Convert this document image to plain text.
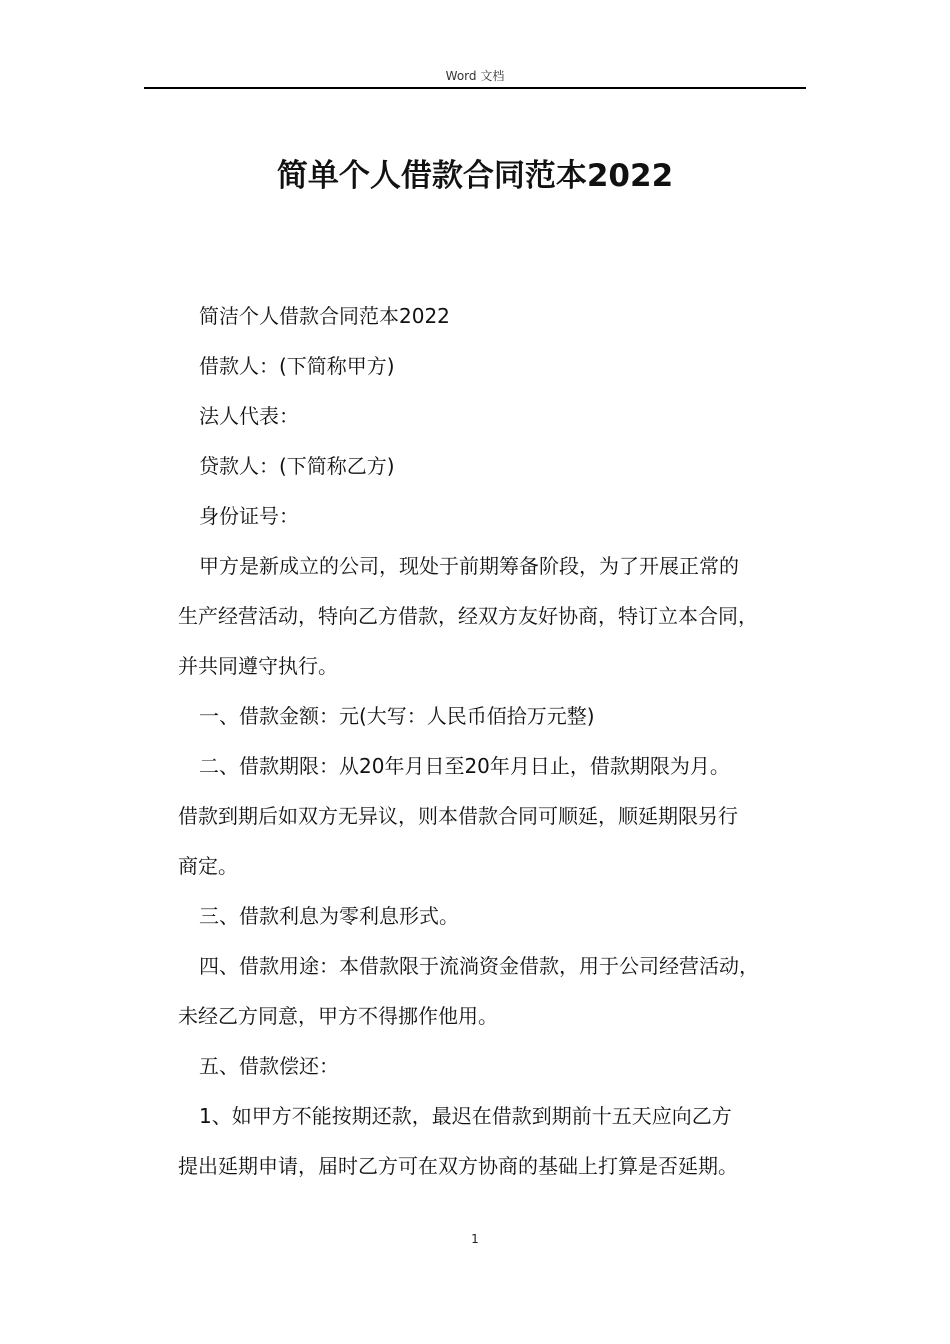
Word 文档
简单个人借款合同范本2022

简洁个人借款合同范本2022

借款人：(下简称甲方)

法人代表：

贷款人：(下简称乙方)

身份证号：

甲方是新成立的公司，现处于前期筹备阶段，为了开展正常的

生产经营活动，特向乙方借款，经双方友好协商，特订立本合同，

并共同遵守执行。

一、借款金额：元(大写：人民币佰拾万元整)

二、借款期限：从20年月日至20年月日止，借款期限为月。

借款到期后如双方无异议，则本借款合同可顺延，顺延期限另行

商定。

三、借款利息为零利息形式。

四、借款用途：本借款限于流淌资金借款，用于公司经营活动，

未经乙方同意，甲方不得挪作他用。

五、借款偿还：

1、如甲方不能按期还款，最迟在借款到期前十五天应向乙方

提出延期申请，届时乙方可在双方协商的基础上打算是否延期。

1
